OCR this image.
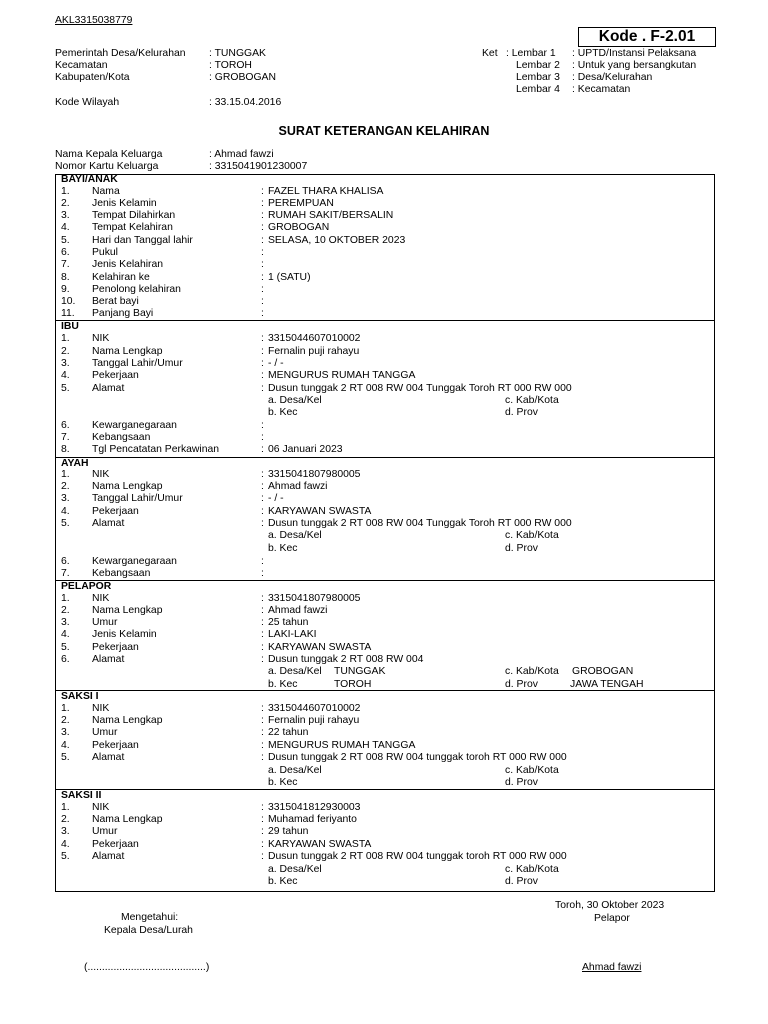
AKL3315038779
Kode . F-2.01
Pemerintah Desa/Kelurahan : TUNGGAK
Kecamatan	: TOROH
Kabupaten/Kota	: GROBOGAN
Kode Wilayah	: 33.15.04.2016
Ket : Lembar 1 : UPTD/Instansi Pelaksana
Lembar 2 : Untuk yang bersangkutan
Lembar 3 : Desa/Kelurahan
Lembar 4 : Kecamatan
SURAT KETERANGAN KELAHIRAN
Nama Kepala Keluarga	: Ahmad fawzi
Nomor Kartu Keluarga	: 3315041901230007
BAYI/ANAK
1. Nama	: FAZEL THARA KHALISA
2. Jenis Kelamin	: PEREMPUAN
3. Tempat Dilahirkan	: RUMAH SAKIT/BERSALIN
4. Tempat Kelahiran	: GROBOGAN
5. Hari dan Tanggal lahir	: SELASA, 10 OKTOBER 2023
6. Pukul	:
7. Jenis Kelahiran	:
8. Kelahiran ke	: 1 (SATU)
9. Penolong kelahiran	:
10. Berat bayi	:
11. Panjang Bayi	:
IBU
1. NIK	: 3315044607010002
2. Nama Lengkap	: Fernalin puji rahayu
3. Tanggal Lahir/Umur	: - / -
4. Pekerjaan	: MENGURUS RUMAH TANGGA
5. Alamat	: Dusun tunggak 2 RT 008 RW 004 Tunggak Toroh RT 000 RW 000
a. Desa/Kel	c. Kab/Kota
b. Kec	d. Prov
6. Kewarganegaraan	:
7. Kebangsaan	:
8. Tgl Pencatatan Perkawinan	: 06 Januari 2023
AYAH
1. NIK	: 3315041807980005
2. Nama Lengkap	: Ahmad fawzi
3. Tanggal Lahir/Umur	: - / -
4. Pekerjaan	: KARYAWAN SWASTA
5. Alamat	: Dusun tunggak 2 RT 008 RW 004 Tunggak Toroh RT 000 RW 000
a. Desa/Kel	c. Kab/Kota
b. Kec	d. Prov
6. Kewarganegaraan	:
7. Kebangsaan	:
PELAPOR
1. NIK	: 3315041807980005
2. Nama Lengkap	: Ahmad fawzi
3. Umur	: 25 tahun
4. Jenis Kelamin	: LAKI-LAKI
5. Pekerjaan	: KARYAWAN SWASTA
6. Alamat	: Dusun tunggak 2 RT 008 RW 004
a. Desa/Kel TUNGGAK	c. Kab/Kota GROBOGAN
b. Kec	TOROH	d. Prov	JAWA TENGAH
SAKSI I
1. NIK	: 3315044607010002
2. Nama Lengkap	: Fernalin puji rahayu
3. Umur	: 22 tahun
4. Pekerjaan	: MENGURUS RUMAH TANGGA
5. Alamat	: Dusun tunggak 2 RT 008 RW 004 tunggak toroh RT 000 RW 000
a. Desa/Kel	c. Kab/Kota
b. Kec	d. Prov
SAKSI II
1. NIK	: 3315041812930003
2. Nama Lengkap	: Muhamad feriyanto
3. Umur	: 29 tahun
4. Pekerjaan	: KARYAWAN SWASTA
5. Alamat	: Dusun tunggak 2 RT 008 RW 004 tunggak toroh RT 000 RW 000
a. Desa/Kel	c. Kab/Kota
b. Kec	d. Prov
Toroh, 30 Oktober 2023
Pelapor
Mengetahui:
Kepala Desa/Lurah
(.........................................)	Ahmad fawzi
